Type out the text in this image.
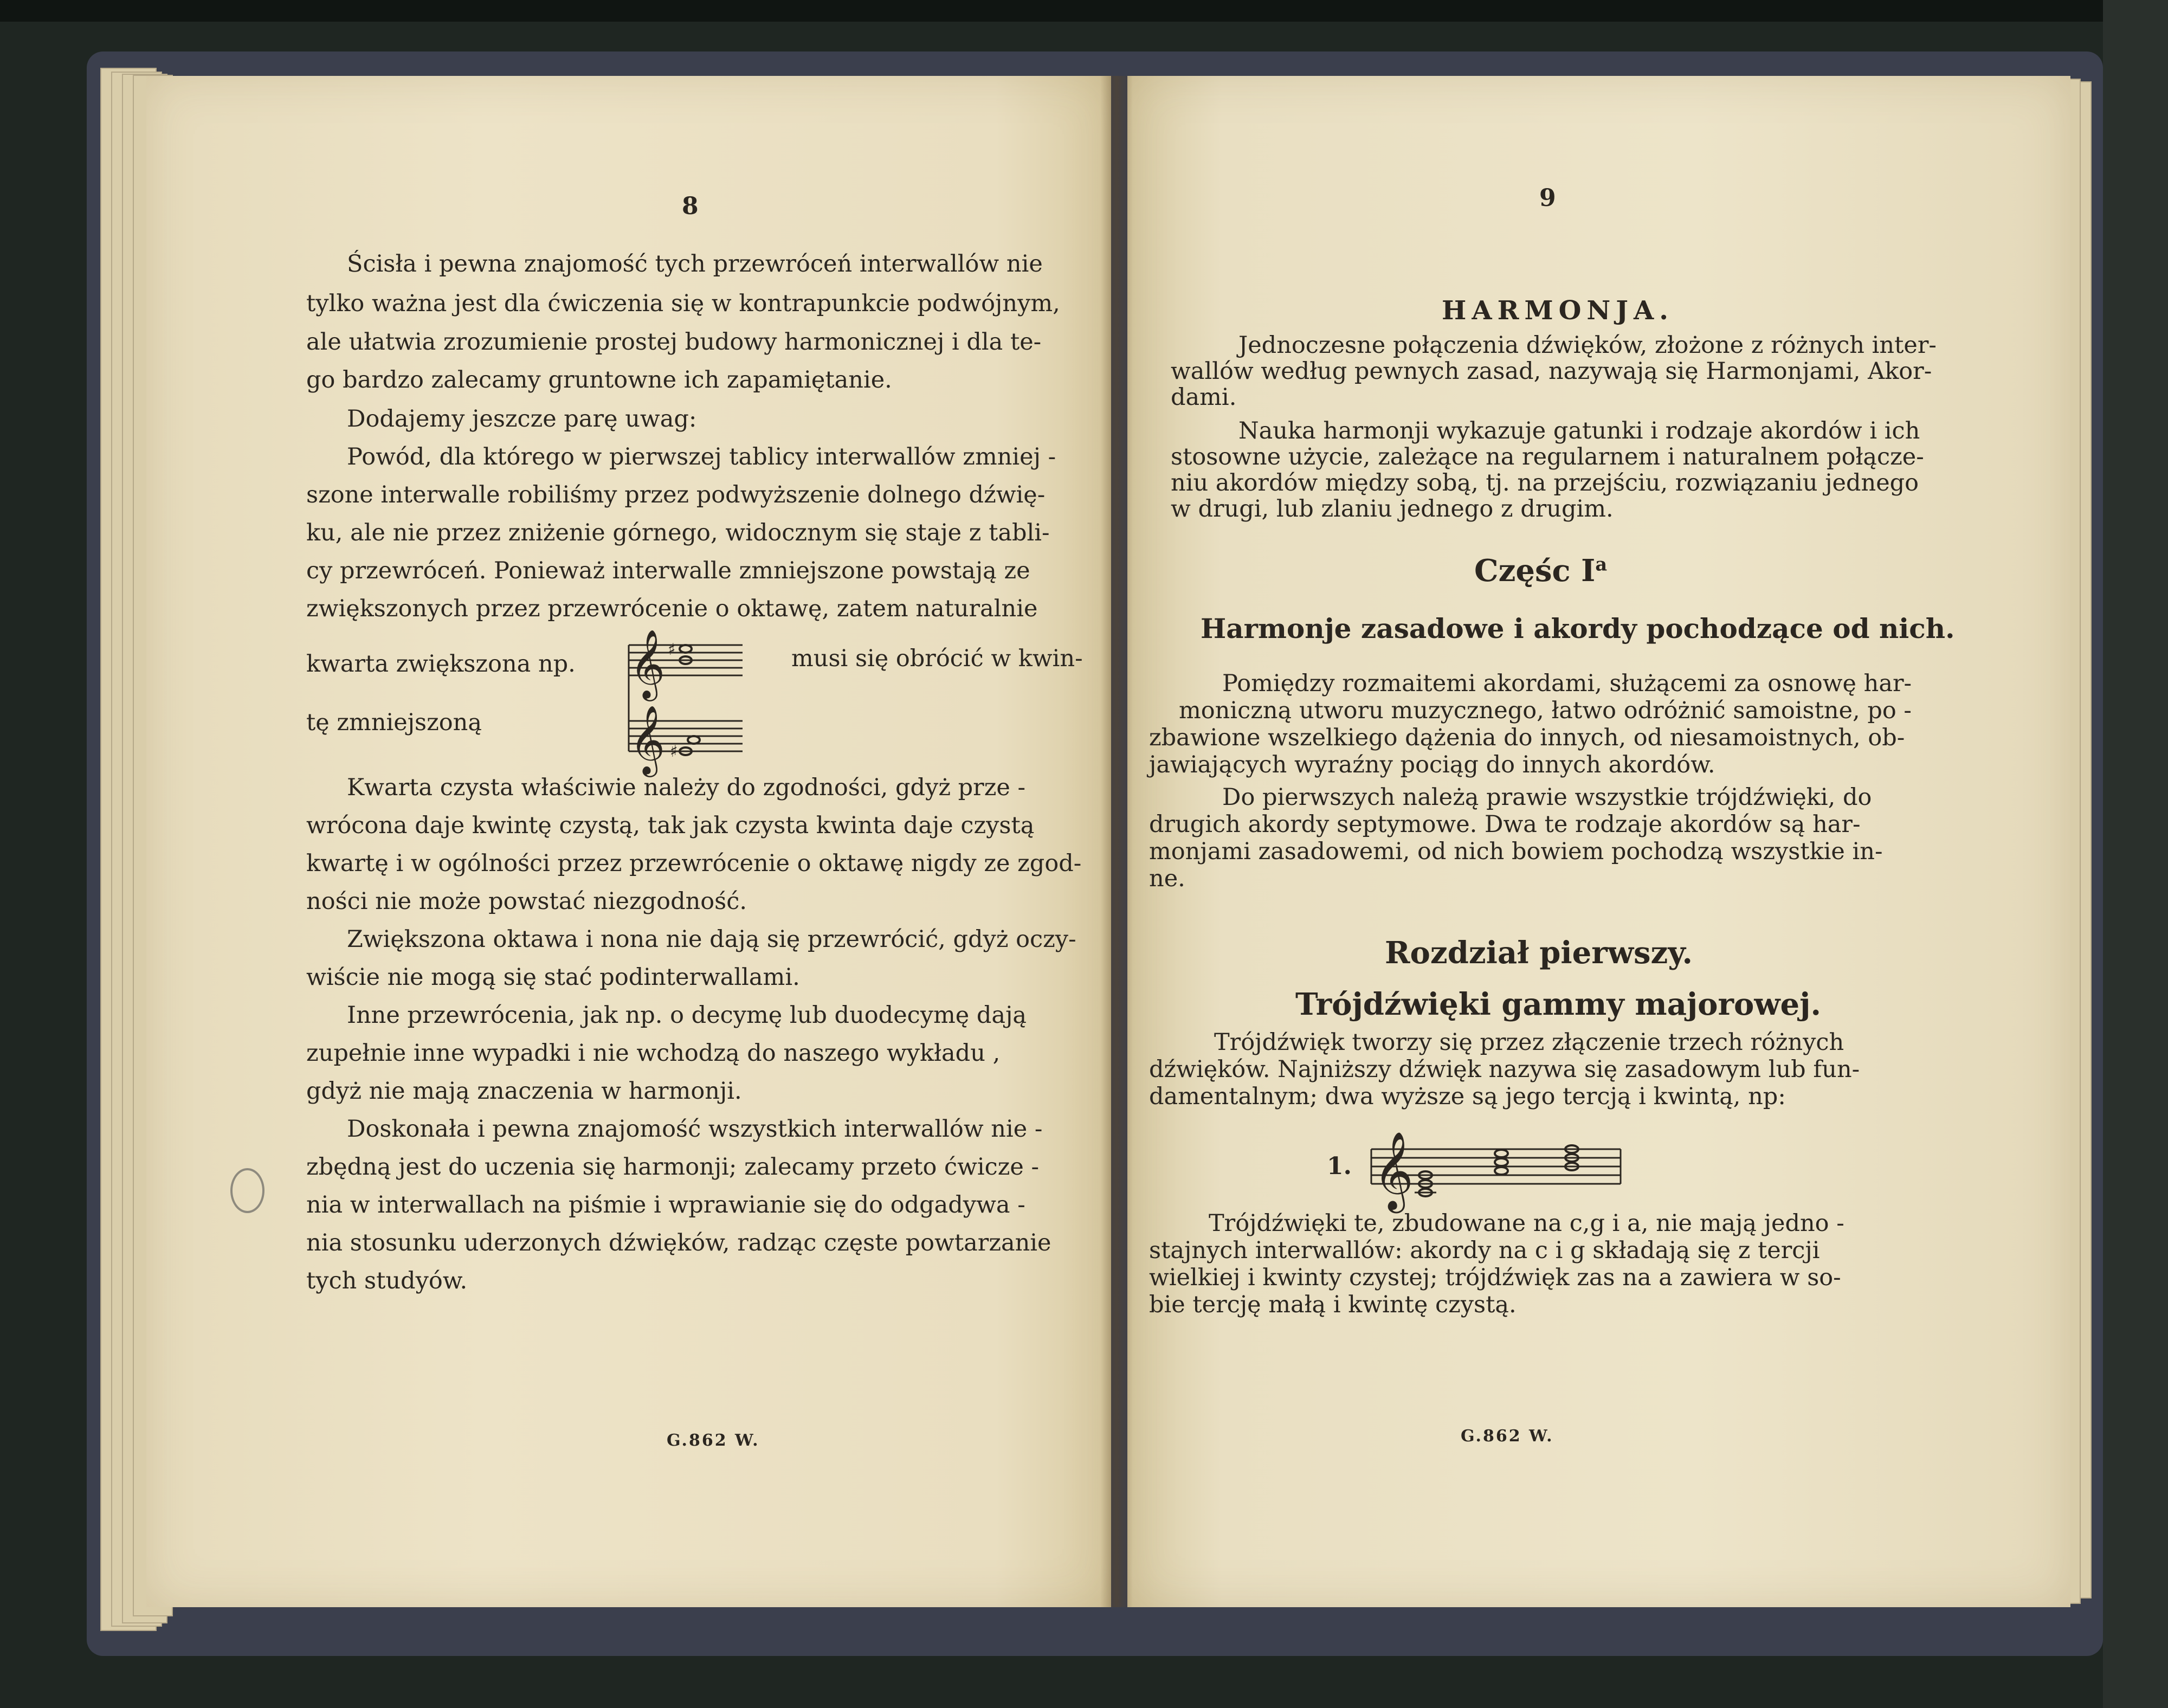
8
Ścisła i pewna znajomość tych przewróceń interwallów nie
tylko ważna jest dla ćwiczenia się w kontrapunkcie podwójnym,
ale ułatwia zrozumienie prostej budowy harmonicznej i dla te-
go bardzo zalecamy gruntowne ich zapamiętanie.
Dodajemy jeszcze parę uwag:
Powód, dla którego w pierwszej tablicy interwallów zmniej -
szone interwalle robiliśmy przez podwyższenie dolnego dźwię-
ku, ale nie przez zniżenie górnego, widocznym się staje z tabli-
cy przewróceń. Ponieważ interwalle zmniejszone powstają ze
zwiększonych przez przewrócenie o oktawę, zatem naturalnie
kwarta zwiększona np.	musi się obrócić w kwin-
tę zmniejszoną
𝄞
𝄞
♯
♯
Kwarta czysta właściwie należy do zgodności, gdyż prze -
wrócona daje kwintę czystą, tak jak czysta kwinta daje czystą
kwartę i w ogólności przez przewrócenie o oktawę nigdy ze zgod-
ności nie może powstać niezgodność.
Zwiększona oktawa i nona nie dają się przewrócić, gdyż oczy-
wiście nie mogą się stać podinterwallami.
Inne przewrócenia, jak np. o decymę lub duodecymę dają
zupełnie inne wypadki i nie wchodzą do naszego wykładu ,
gdyż nie mają znaczenia w harmonji.
Doskonała i pewna znajomość wszystkich interwallów nie -
zbędną jest do uczenia się harmonji; zalecamy przeto ćwicze -
nia w interwallach na piśmie i wprawianie się do odgadywa -
nia stosunku uderzonych dźwięków, radząc częste powtarzanie
tych studyów.
G.862 W.
9
HARMONJA.
Jednoczesne połączenia dźwięków, złożone z różnych inter-
wallów według pewnych zasad, nazywają się Harmonjami, Akor-
dami.
Nauka harmonji wykazuje gatunki i rodzaje akordów i ich
stosowne użycie, zależące na regularnem i naturalnem połącze-
niu akordów między sobą, tj. na przejściu, rozwiązaniu jednego
w drugi, lub zlaniu jednego z drugim.
Częśc $I^a$
Harmonje zasadowe i akordy pochodzące od nich.
Pomiędzy rozmaitemi akordami, służącemi za osnowę har-
moniczną utworu muzycznego, łatwo odróżnić samoistne, po -
zbawione wszelkiego dążenia do innych, od niesamoistnych, ob-
jawiających wyraźny pociąg do innych akordów.
Do pierwszych należą prawie wszystkie trójdźwięki, do
drugich akordy septymowe. Dwa te rodzaje akordów są har-
monjami zasadowemi, od nich bowiem pochodzą wszystkie in-
ne.
Rozdział pierwszy.
Trójdźwięki gammy majorowej.
Trójdźwięk tworzy się przez złączenie trzech różnych
dźwięków. Najniższy dźwięk nazywa się zasadowym lub fun-
damentalnym; dwa wyższe są jego tercją i kwintą, np:
1. 𝄞
Trójdźwięki te, zbudowane na c,g i a, nie mają jedno -
stajnych interwallów: akordy na c i g składają się z tercji
wielkiej i kwinty czystej; trójdźwięk zas na a zawiera w so-
bie tercję małą i kwintę czystą.
G.862 W.
